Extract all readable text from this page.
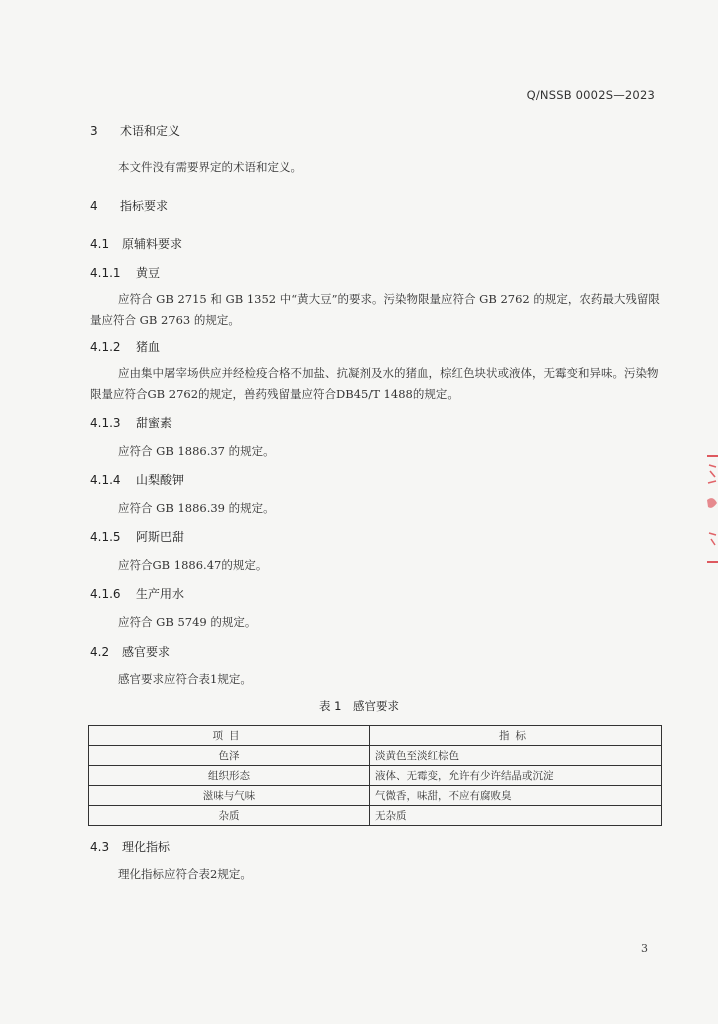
Q/NSSB 0002S—2023
3 术语和定义
本文件没有需要界定的术语和定义。
4 指标要求
4.1 原辅料要求
4.1.1 黄豆
应符合 GB 2715 和 GB 1352 中“黄大豆”的要求。污染物限量应符合 GB 2762 的规定，农药最大残留限量应符合 GB 2763 的规定。
4.1.2 猪血
应由集中屠宰场供应并经检疫合格不加盐、抗凝剂及水的猪血，棕红色块状或液体，无霉变和异味。污染物限量应符合GB 2762的规定，兽药残留量应符合DB45/T 1488的规定。
4.1.3 甜蜜素
应符合 GB 1886.37 的规定。
4.1.4 山梨酸钾
应符合 GB 1886.39 的规定。
4.1.5 阿斯巴甜
应符合GB 1886.47的规定。
4.1.6 生产用水
应符合 GB 5749 的规定。
4.2 感官要求
感官要求应符合表1规定。
表 1　感官要求
项目	指标
色泽	淡黄色至淡红棕色
组织形态	液体、无霉变，允许有少许结晶或沉淀
滋味与气味	气微香，味甜，不应有腐败臭
杂质	无杂质
4.3 理化指标
理化指标应符合表2规定。
3
